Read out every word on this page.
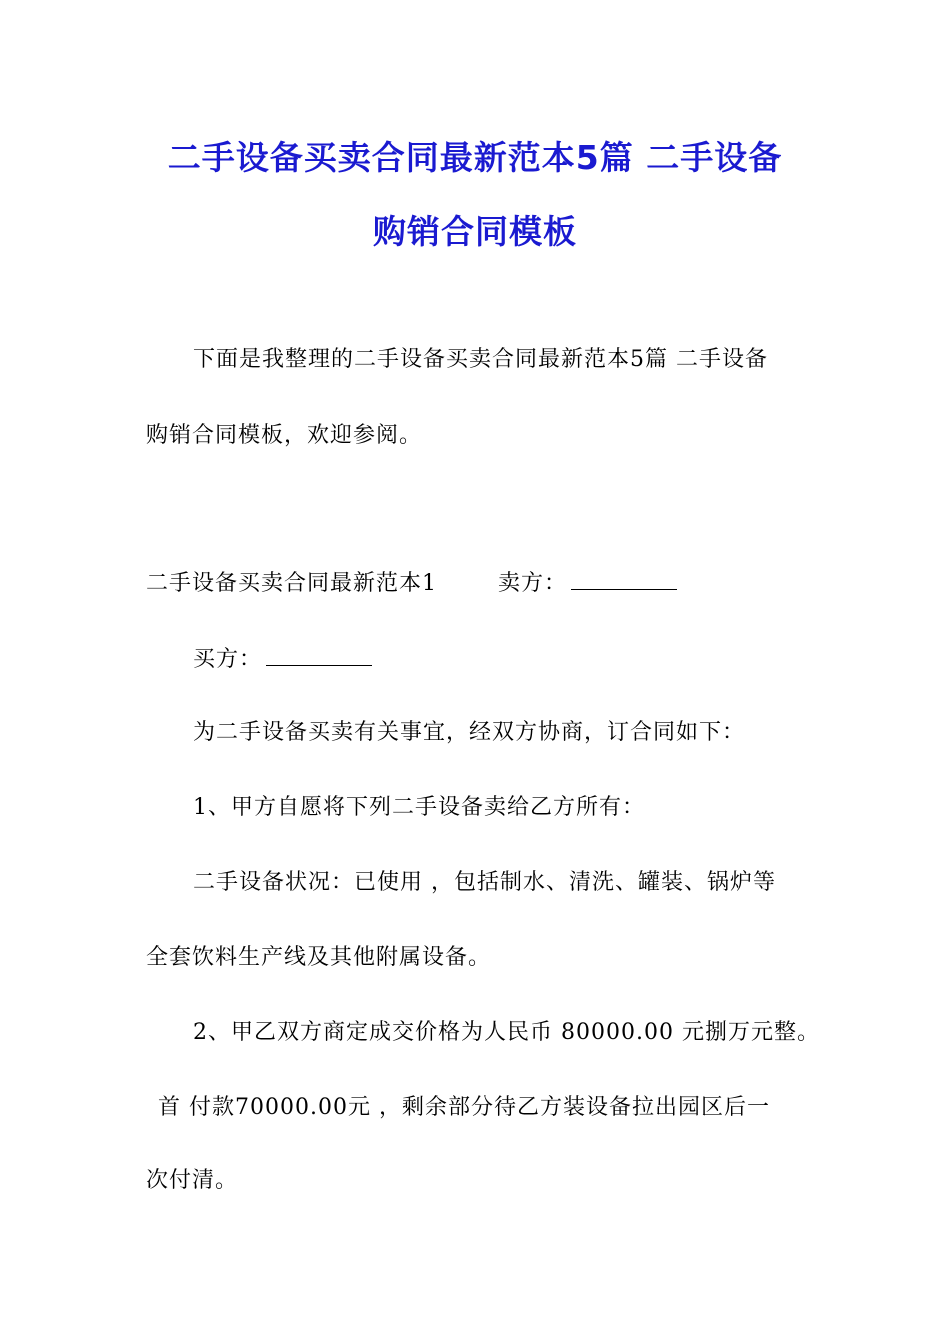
二手设备买卖合同最新范本5篇 二手设备
购销合同模板
下面是我整理的二手设备买卖合同最新范本5篇 二手设备
购销合同模板，欢迎参阅。
二手设备买卖合同最新范本1	卖方：
买方：
为二手设备买卖有关事宜，经双方协商，订合同如下：
1、甲方自愿将下列二手设备卖给乙方所有：
二手设备状况：已使用 ，包括制水、清洗、罐装、锅炉等
全套饮料生产线及其他附属设备。
2、甲乙双方商定成交价格为人民币 80000.00 元捌万元整。
首 付款70000.00元 ，剩余部分待乙方装设备拉出园区后一
次付清。
